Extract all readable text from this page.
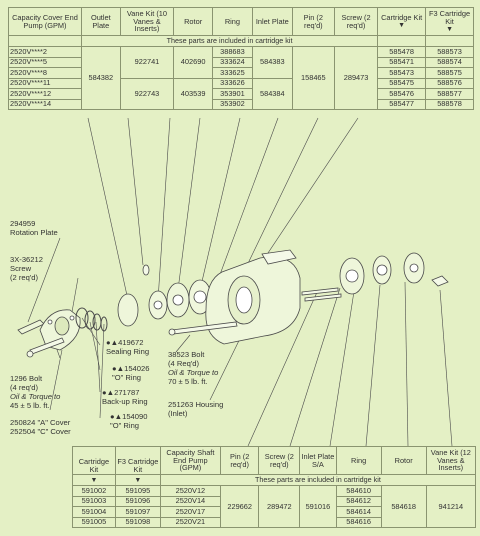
Capacity Cover End Pump (GPM)	Outlet Plate	Vane Kit (10 Vanes & Inserts)	Rotor	Ring	Inlet Plate	Pin (2 req'd)	Screw (2 req'd)	Cartridge Kit
▼	F3 Cartridge Kit
▼
	These parts are included in cartridge kit								
2520V****2	584382	922741	402690	388683	584383	158465	289473	585478	588573
2520V****5				333624				585471	588574
2520V****8				333625				585473	588575
2520V****11		922743	403539	333626	584384			585475	588576
2520V****12				353901				585476	588577
2520V****14				353902				585477	588578
294959
Rotation Plate
3X-36212
Screw
(2 req'd)
1296 Bolt
(4 req'd)
Oil & Torque to
45 ± 5 lb. ft.
250824 "A" Cover
252504 "C" Cover
●▲419672
Sealing Ring
●▲154026
"O" Ring
●▲271787
Back-up Ring
●▲154090
"O" Ring
38523 Bolt
(4 Req'd)
Oil & Torque to
70 ± 5 lb. ft.
251263 Housing
(Inlet)
Cartridge Kit	F3 Cartridge Kit	Capacity Shaft End Pump (GPM)	Pin (2 req'd)	Screw (2 req'd)	Inlet Plate S/A	Ring	Rotor	Vane Kit (12 Vanes & Inserts)
▼	▼	These parts are included in cartridge kit						
591002	591095	2520V12	229662	289472	591016	584610	584618	941214
591003	591096	2520V14				584612		
591004	591097	2520V17				584614		
591005	591098	2520V21				584616		
